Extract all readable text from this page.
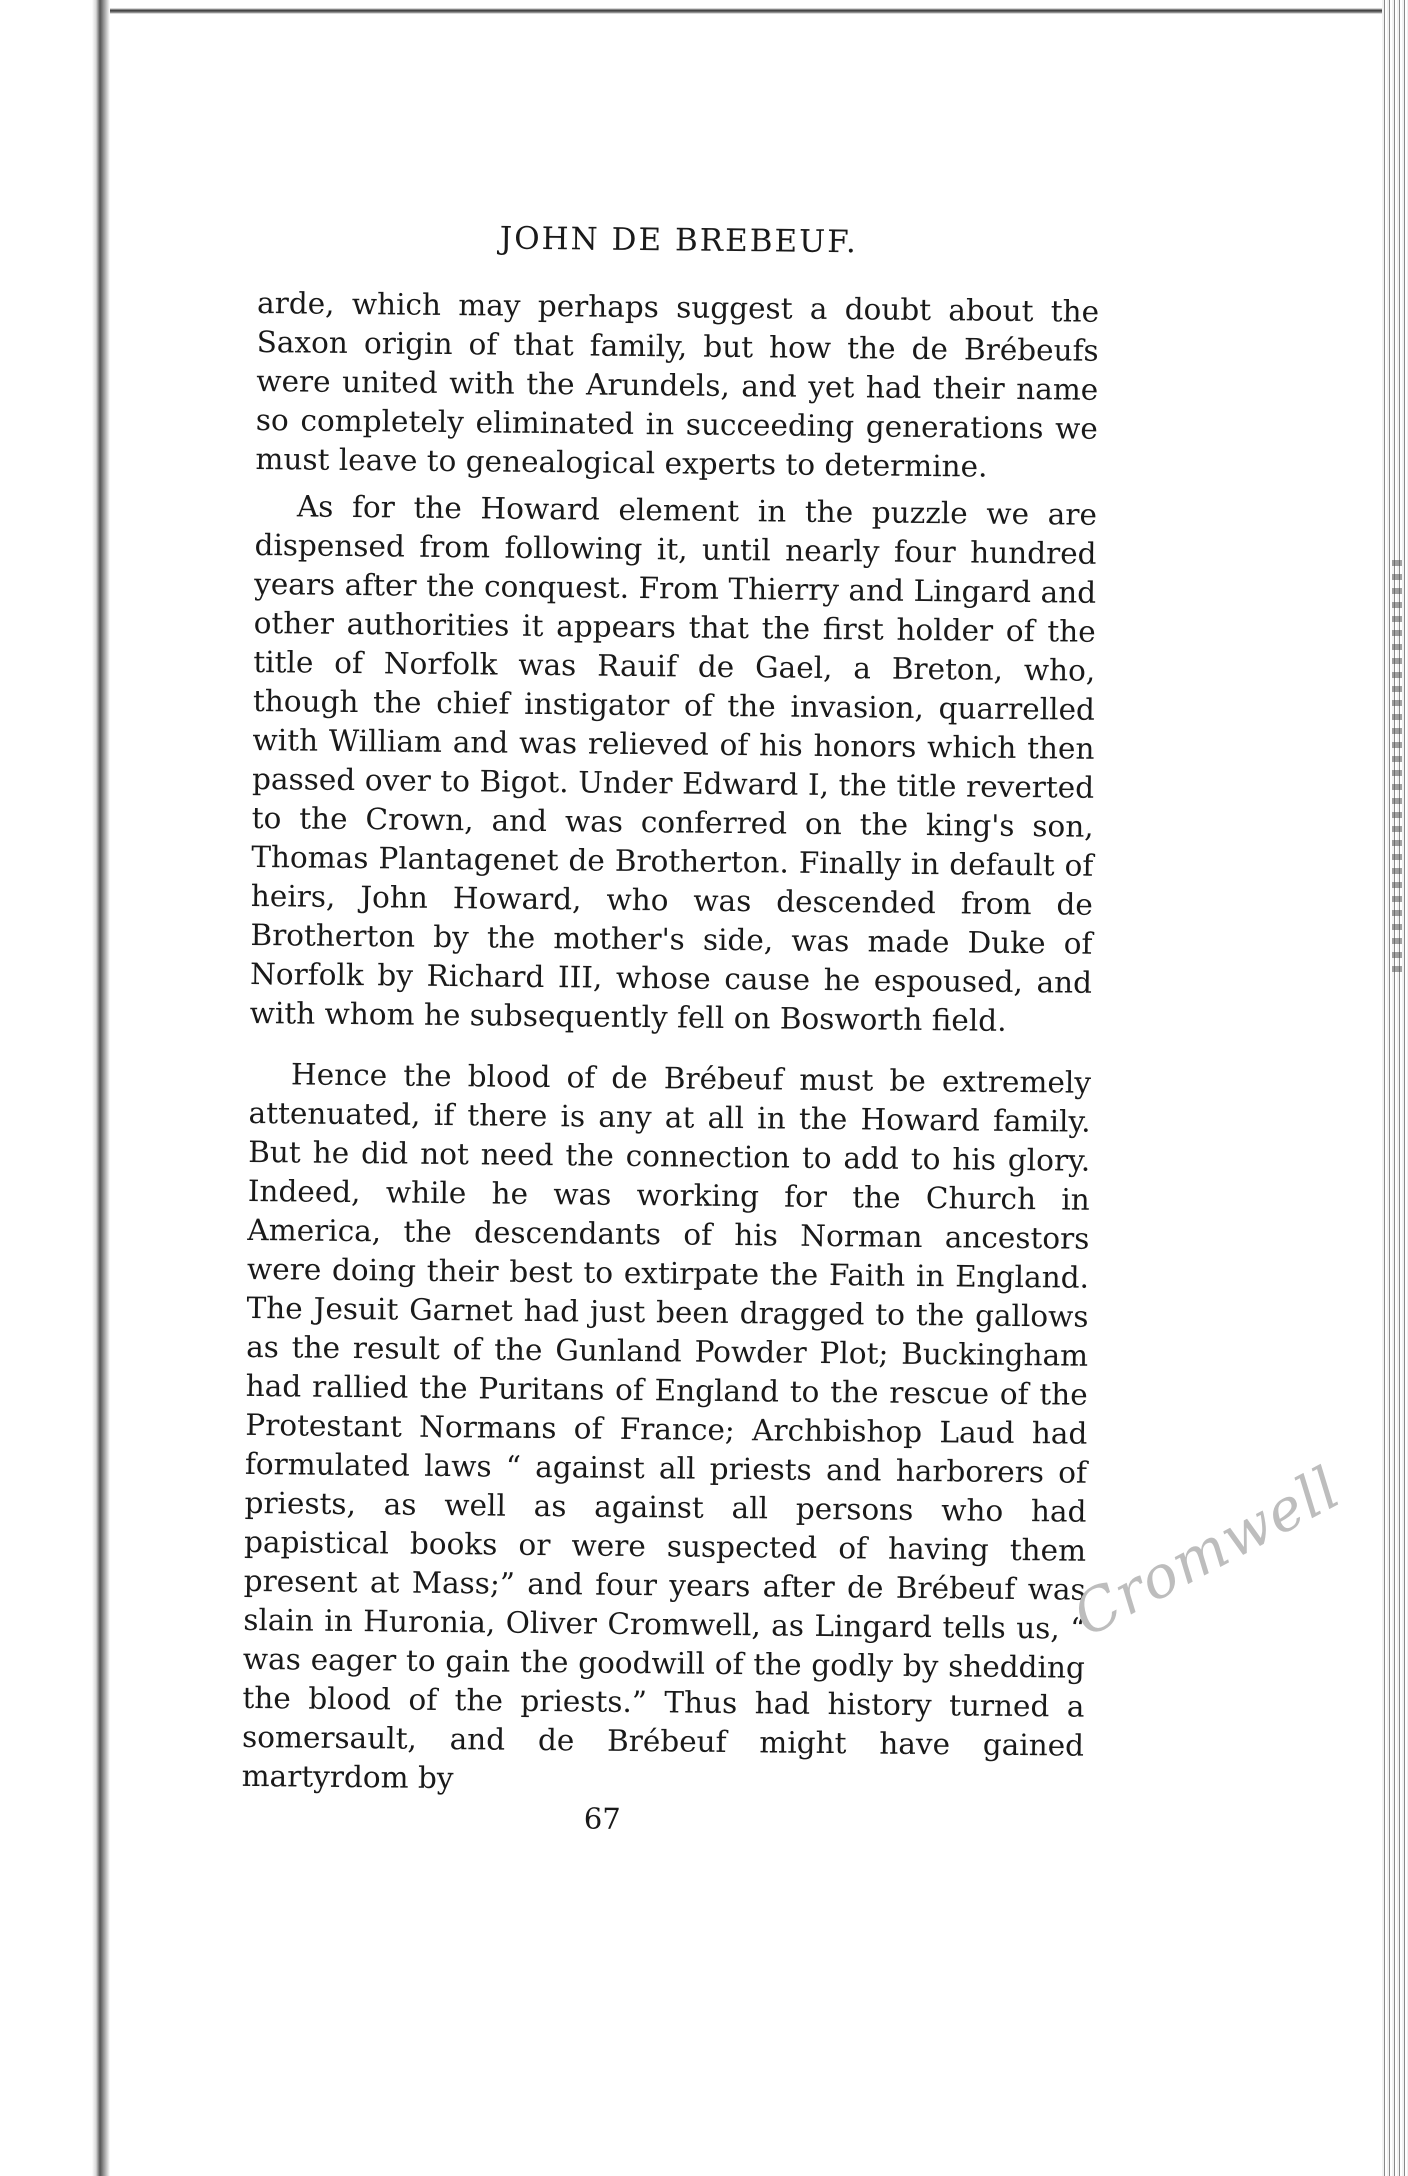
JOHN DE BREBEUF.

arde, which may perhaps suggest a doubt about the Saxon origin of that family, but how the de Brébeufs were united with the Arundels, and yet had their name so completely eliminated in succeeding generations we must leave to genealogical experts to determine.

As for the Howard element in the puzzle we are dispensed from following it, until nearly four hundred years after the conquest. From Thierry and Lingard and other authorities it appears that the first holder of the title of Norfolk was Rauif de Gael, a Breton, who, though the chief instigator of the invasion, quarrelled with William and was relieved of his honors which then passed over to Bigot. Under Edward I, the title reverted to the Crown, and was conferred on the king's son, Thomas Plantagenet de Brotherton. Finally in default of heirs, John Howard, who was descended from de Brotherton by the mother's side, was made Duke of Norfolk by Richard III, whose cause he espoused, and with whom he subsequently fell on Bosworth field.

Hence the blood of de Brébeuf must be extremely attenuated, if there is any at all in the Howard family. But he did not need the connection to add to his glory. Indeed, while he was working for the Church in America, the descendants of his Norman ancestors were doing their best to extirpate the Faith in England. The Jesuit Garnet had just been dragged to the gallows as the result of the Gunland Powder Plot; Buckingham had rallied the Puritans of England to the rescue of the Protestant Normans of France; Archbishop Laud had formulated laws “ against all priests and harborers of priests, as well as against all persons who had papistical books or were suspected of having them present at Mass;” and four years after de Brébeuf was slain in Huronia, Oliver Cromwell, as Lingard tells us, “ was eager to gain the goodwill of the godly by shedding the blood of the priests.” Thus had history turned a somersault, and de Brébeuf might have gained martyrdom by

67
Cromwell
